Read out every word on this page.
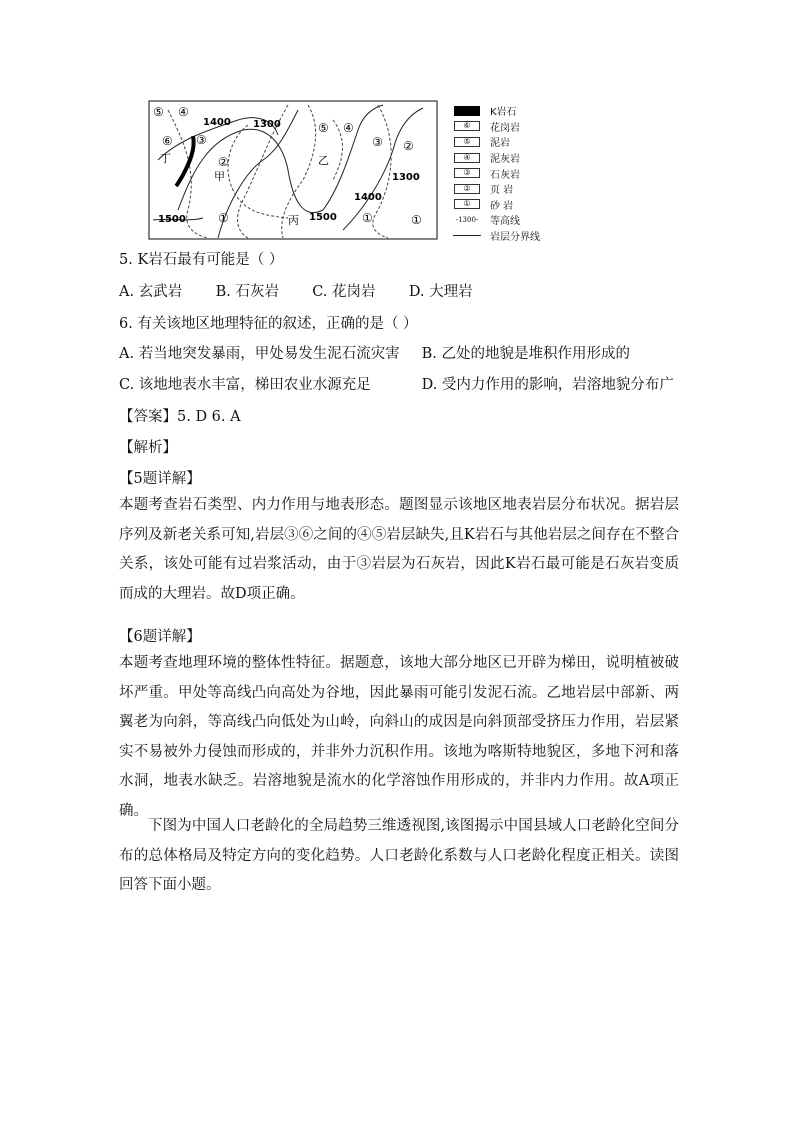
1400 1300
1400
1300
1500	1500
甲
乙
丙
丁
⑤ ④
⑥ ③
②
①
⑤ ④
③ ②
①	①
K岩石
⑥	花岗岩
⑤	泥岩
④	泥灰岩
③	石灰岩
②	页 岩
①	砂 岩
-1300- 等高线
岩层分界线
5. K岩石最有可能是（ ）
A. 玄武岩 B. 石灰岩 C. 花岗岩 D. 大理岩
6. 有关该地区地理特征的叙述，正确的是（ ）
A. 若当地突发暴雨，甲处易发生泥石流灾害 B. 乙处的地貌是堆积作用形成的
C. 该地地表水丰富，梯田农业水源充足	D. 受内力作用的影响，岩溶地貌分布广
【答案】5. D 6. A
【解析】
【5题详解】
本题考查岩石类型、内力作用与地表形态。题图显示该地区地表岩层分布状况。据岩层序列及新老关系可知,岩层③⑥之间的④⑤岩层缺失,且K岩石与其他岩层之间存在不整合关系，该处可能有过岩浆活动，由于③岩层为石灰岩，因此K岩石最可能是石灰岩变质而成的大理岩。故D项正确。
【6题详解】
本题考查地理环境的整体性特征。据题意，该地大部分地区已开辟为梯田，说明植被破坏严重。甲处等高线凸向高处为谷地，因此暴雨可能引发泥石流。乙地岩层中部新、两翼老为向斜，等高线凸向低处为山岭，向斜山的成因是向斜顶部受挤压力作用，岩层紧实不易被外力侵蚀而形成的，并非外力沉积作用。该地为喀斯特地貌区，多地下河和落水洞，地表水缺乏。岩溶地貌是流水的化学溶蚀作用形成的，并非内力作用。故A项正确。
下图为中国人口老龄化的全局趋势三维透视图,该图揭示中国县域人口老龄化空间分布的总体格局及特定方向的变化趋势。人口老龄化系数与人口老龄化程度正相关。读图回答下面小题。
